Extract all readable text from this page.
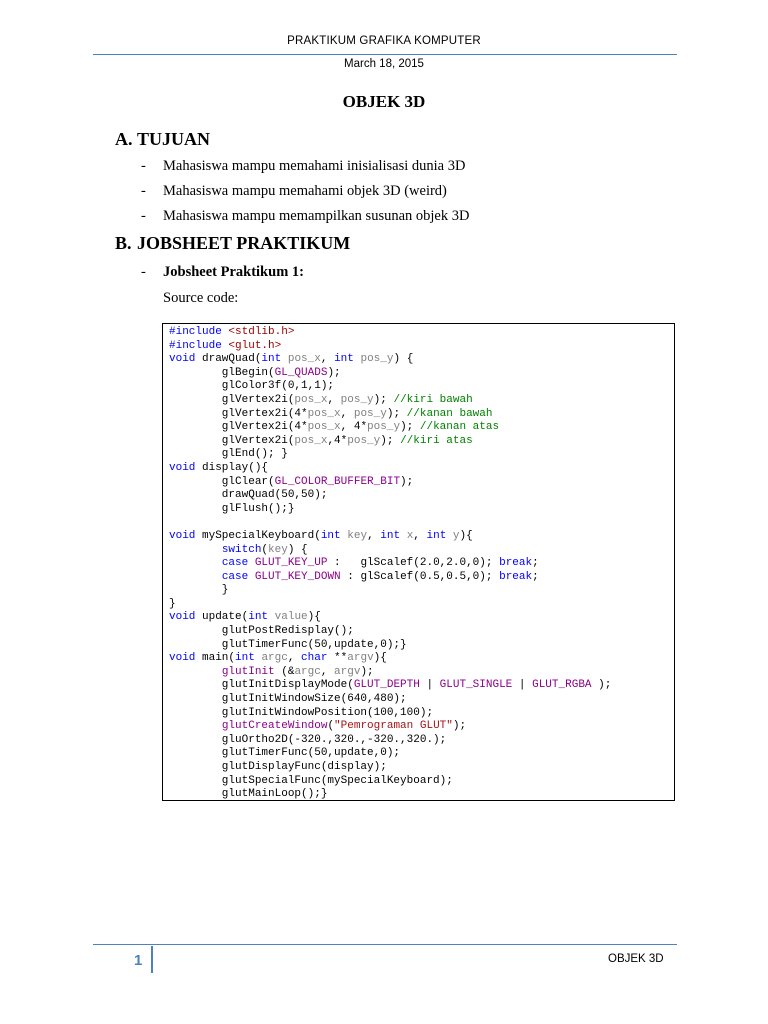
PRAKTIKUM GRAFIKA KOMPUTER
March 18, 2015
OBJEK 3D
A. TUJUAN
- Mahasiswa mampu memahami inisialisasi dunia 3D
- Mahasiswa mampu memahami objek 3D (weird)
- Mahasiswa mampu memampilkan susunan objek 3D
B. JOBSHEET PRAKTIKUM
- Jobsheet Praktikum 1:
Source code:
#include <stdlib.h>
#include <glut.h>
void drawQuad(int pos_x, int pos_y) {
glBegin(GL_QUADS);
glColor3f(0,1,1);
glVertex2i(pos_x, pos_y); //kiri bawah
glVertex2i(4*pos_x, pos_y); //kanan bawah
glVertex2i(4*pos_x, 4*pos_y); //kanan atas
glVertex2i(pos_x,4*pos_y); //kiri atas
glEnd(); }
void display(){
glClear(GL_COLOR_BUFFER_BIT);
drawQuad(50,50);
glFlush();}
void mySpecialKeyboard(int key, int x, int y){
switch(key) {
case GLUT_KEY_UP :   glScalef(2.0,2.0,0); break;
case GLUT_KEY_DOWN : glScalef(0.5,0.5,0); break;
}
}
void update(int value){
glutPostRedisplay();
glutTimerFunc(50,update,0);}
void main(int argc, char **argv){
glutInit (&argc, argv);
glutInitDisplayMode(GLUT_DEPTH | GLUT_SINGLE | GLUT_RGBA );
glutInitWindowSize(640,480);
glutInitWindowPosition(100,100);
glutCreateWindow("Pemrograman GLUT");
gluOrtho2D(-320.,320.,-320.,320.);
glutTimerFunc(50,update,0);
glutDisplayFunc(display);
glutSpecialFunc(mySpecialKeyboard);
glutMainLoop();}
1	OBJEK 3D
